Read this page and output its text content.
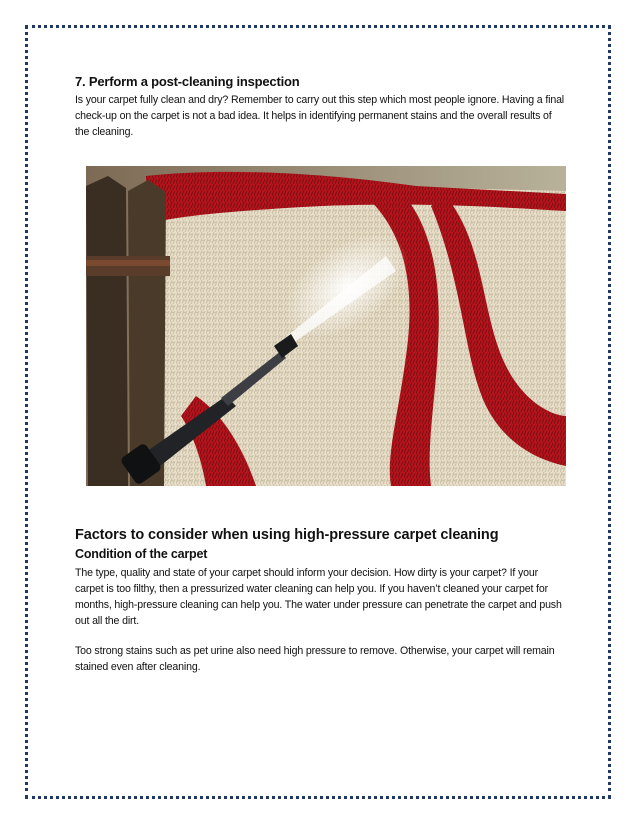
7. Perform a post-cleaning inspection

Is your carpet fully clean and dry? Remember to carry out this step which most people ignore. Having a final check-up on the carpet is not a bad idea. It helps in identifying permanent stains and the overall results of the cleaning.

Factors to consider when using high-pressure carpet cleaning
Condition of the carpet

The type, quality and state of your carpet should inform your decision. How dirty is your carpet? If your carpet is too filthy, then a pressurized water cleaning can help you. If you haven’t cleaned your carpet for months, high-pressure cleaning can help you. The water under pressure can penetrate the carpet and push out all the dirt.

Too strong stains such as pet urine also need high pressure to remove. Otherwise, your carpet will remain stained even after cleaning.
